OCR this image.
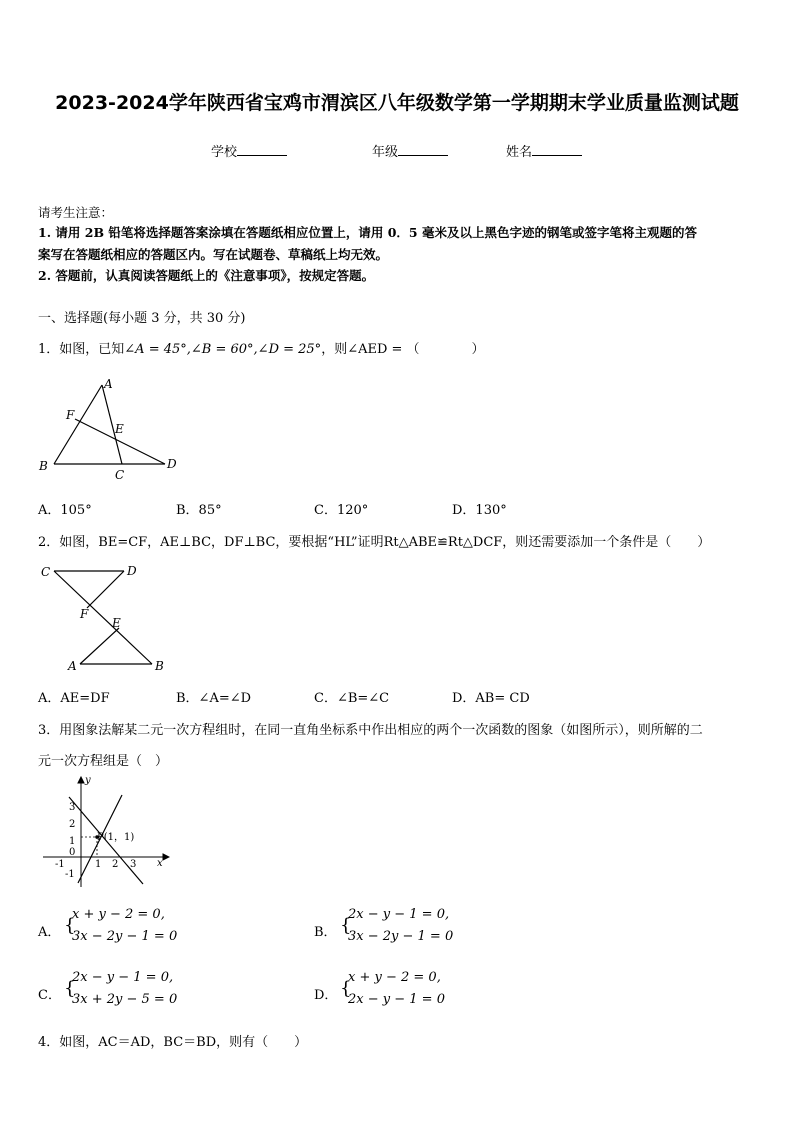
2023-2024学年陕西省宝鸡市渭滨区八年级数学第一学期期末学业质量监测试题
学校	年级	姓名
请考生注意：
1. 请用 2B 铅笔将选择题答案涂填在答题纸相应位置上，请用 0．5 毫米及以上黑色字迹的钢笔或签字笔将主观题的答
案写在答题纸相应的答题区内。写在试题卷、草稿纸上均无效。
2. 答题前，认真阅读答题纸上的《注意事项》，按规定答题。
一、选择题(每小题 3 分，共 30 分)
1．如图，已知∠A = 45°,∠B = 60°,∠D = 25°，则∠AED = （　　　　）
A
F
E
B
C
D
A．105°	B．85°	C．120°	D．130°
2．如图，BE=CF，AE⊥BC，DF⊥BC，要根据“HL”证明Rt△ABE≌Rt△DCF，则还需要添加一个条件是（　　）
C	D
F
E
A	B
A．AE=DF	B．∠A=∠D	C．∠B=∠C	D．AB= CD
3．用图象法解某二元一次方程组时，在同一直角坐标系中作出相应的两个一次函数的图象（如图所示），则所解的二
元一次方程组是（　）
y
x
3
2
1
0
-1
-1	1 2 3
P(1，1)
A． {
x + y − 2 = 0,
3x − 2y − 1 = 0	B． {
2x − y − 1 = 0,
3x − 2y − 1 = 0
C． {
2x − y − 1 = 0,
3x + 2y − 5 = 0	D． {
x + y − 2 = 0,
2x − y − 1 = 0
4．如图，AC＝AD，BC＝BD，则有（　　）
